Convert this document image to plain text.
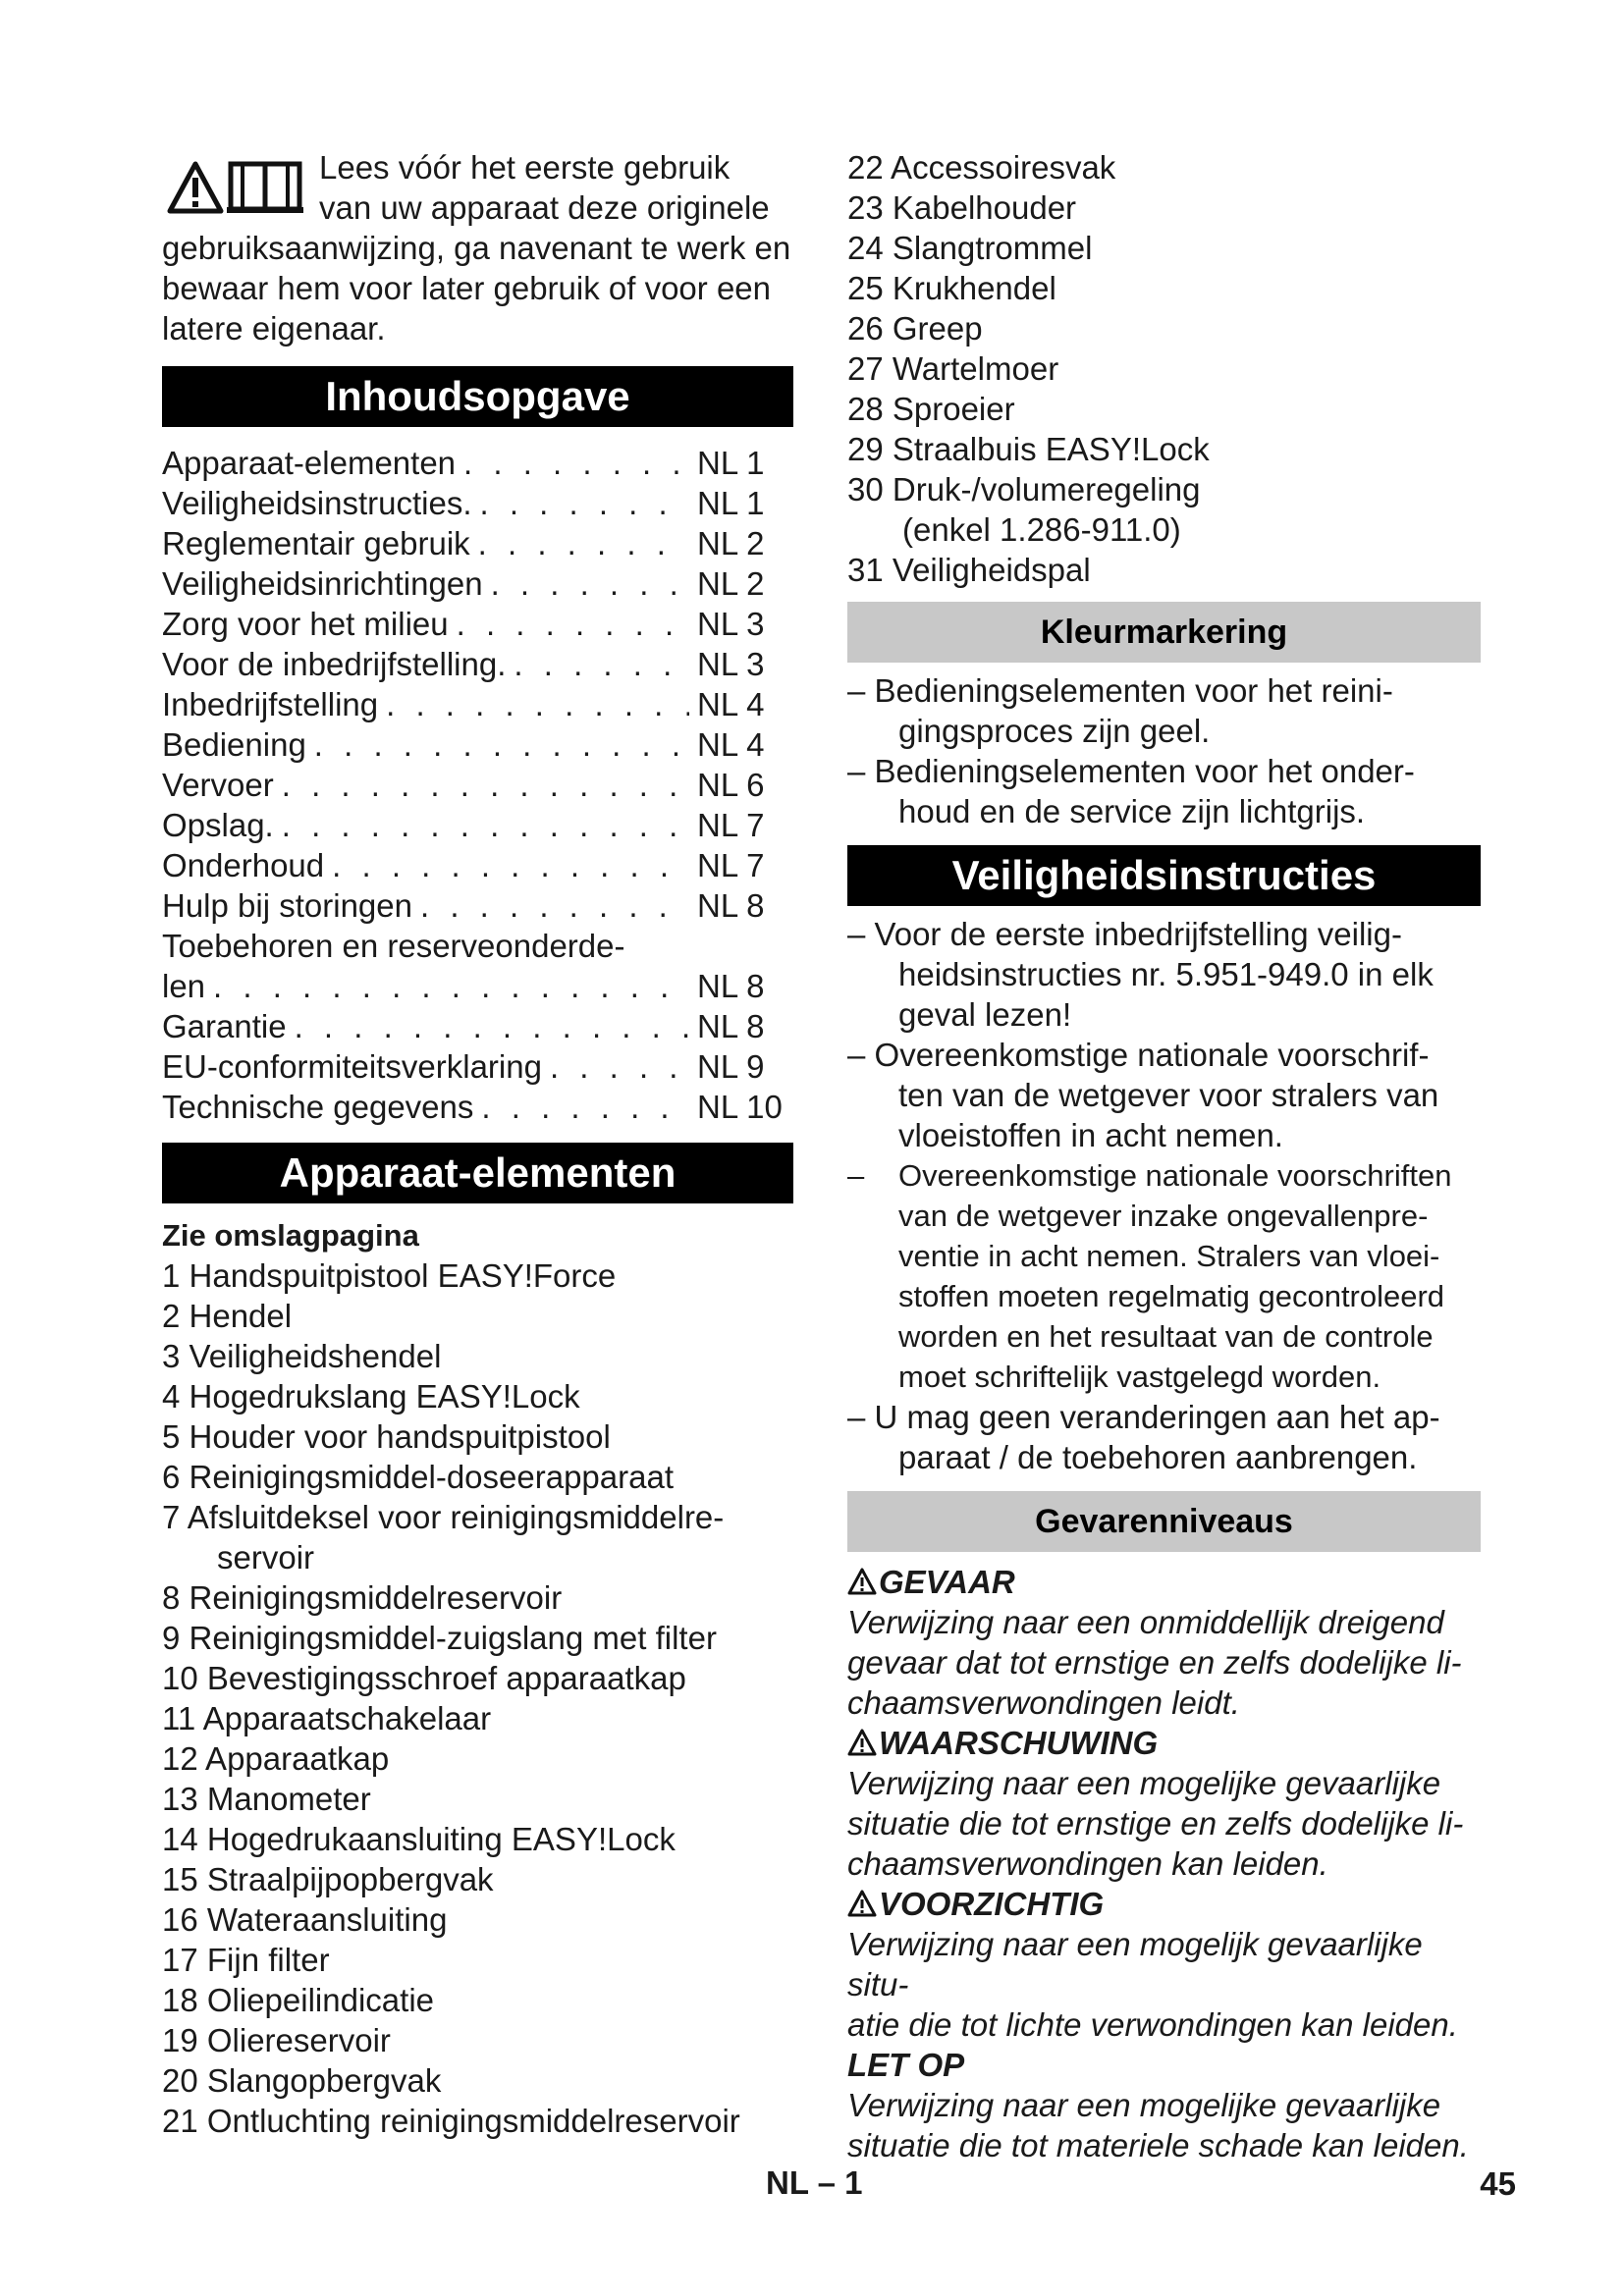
Lees vóór het eerste gebruik
van uw apparaat deze originele
gebruiksaanwijzing, ga navenant te werk en bewaar hem voor later gebruik of voor een latere eigenaar.
Inhoudsopgave
Apparaat-elementen . . .	NL 1
Veiligheidsinstructies. . . .	NL 1
Reglementair gebruik . . .	NL 2
Veiligheidsinrichtingen . . .	NL 2
Zorg voor het milieu . . .	NL 3
Voor de inbedrijfstelling. . . .	NL 3
Inbedrijfstelling . . .	NL 4
Bediening . . .	NL 4
Vervoer . . .	NL 6
Opslag. . . .	NL 7
Onderhoud . . .	NL 7
Hulp bij storingen . . .	NL 8
Toebehoren en reserveonderde-
len . . .	NL 8
Garantie . . .	NL 8
EU-conformiteitsverklaring . . .	NL 9
Technische gegevens . . .	NL 10
Apparaat-elementen
Zie omslagpagina
1 Handspuitpistool EASY!Force
2 Hendel
3 Veiligheidshendel
4 Hogedrukslang EASY!Lock
5 Houder voor handspuitpistool
6 Reinigingsmiddel-doseerapparaat
7 Afsluitdeksel voor reinigingsmiddelre-
servoir
8 Reinigingsmiddelreservoir
9 Reinigingsmiddel-zuigslang met filter
10 Bevestigingsschroef apparaatkap
11 Apparaatschakelaar
12 Apparaatkap
13 Manometer
14 Hogedrukaansluiting EASY!Lock
15 Straalpijpopbergvak
16 Wateraansluiting
17 Fijn filter
18 Oliepeilindicatie
19 Oliereservoir
20 Slangopbergvak
21 Ontluchting reinigingsmiddelreservoir
22 Accessoiresvak
23 Kabelhouder
24 Slangtrommel
25 Krukhendel
26 Greep
27 Wartelmoer
28 Sproeier
29 Straalbuis EASY!Lock
30 Druk-/volumeregeling
(enkel 1.286-911.0)
31 Veiligheidspal
Kleurmarkering
– Bedieningselementen voor het reini-
gingsproces zijn geel.
– Bedieningselementen voor het onder-
houd en de service zijn lichtgrijs.
Veiligheidsinstructies
– Voor de eerste inbedrijfstelling veilig-
heidsinstructies nr. 5.951-949.0 in elk
geval lezen!
– Overeenkomstige nationale voorschrif-
ten van de wetgever voor stralers van
vloeistoffen in acht nemen.
–	Overeenkomstige nationale voorschriften
van de wetgever inzake ongevallenpre-
ventie in acht nemen. Stralers van vloei-
stoffen moeten regelmatig gecontroleerd
worden en het resultaat van de controle
moet schriftelijk vastgelegd worden.
– U mag geen veranderingen aan het ap-
paraat / de toebehoren aanbrengen.
Gevarenniveaus
GEVAAR
Verwijzing naar een onmiddellijk dreigend
gevaar dat tot ernstige en zelfs dodelijke li-
chaamsverwondingen leidt.
WAARSCHUWING
Verwijzing naar een mogelijke gevaarlijke
situatie die tot ernstige en zelfs dodelijke li-
chaamsverwondingen kan leiden.
VOORZICHTIG
Verwijzing naar een mogelijk gevaarlijke situ-
atie die tot lichte verwondingen kan leiden.
LET OP
Verwijzing naar een mogelijke gevaarlijke
situatie die tot materiele schade kan leiden.
NL – 1	45
